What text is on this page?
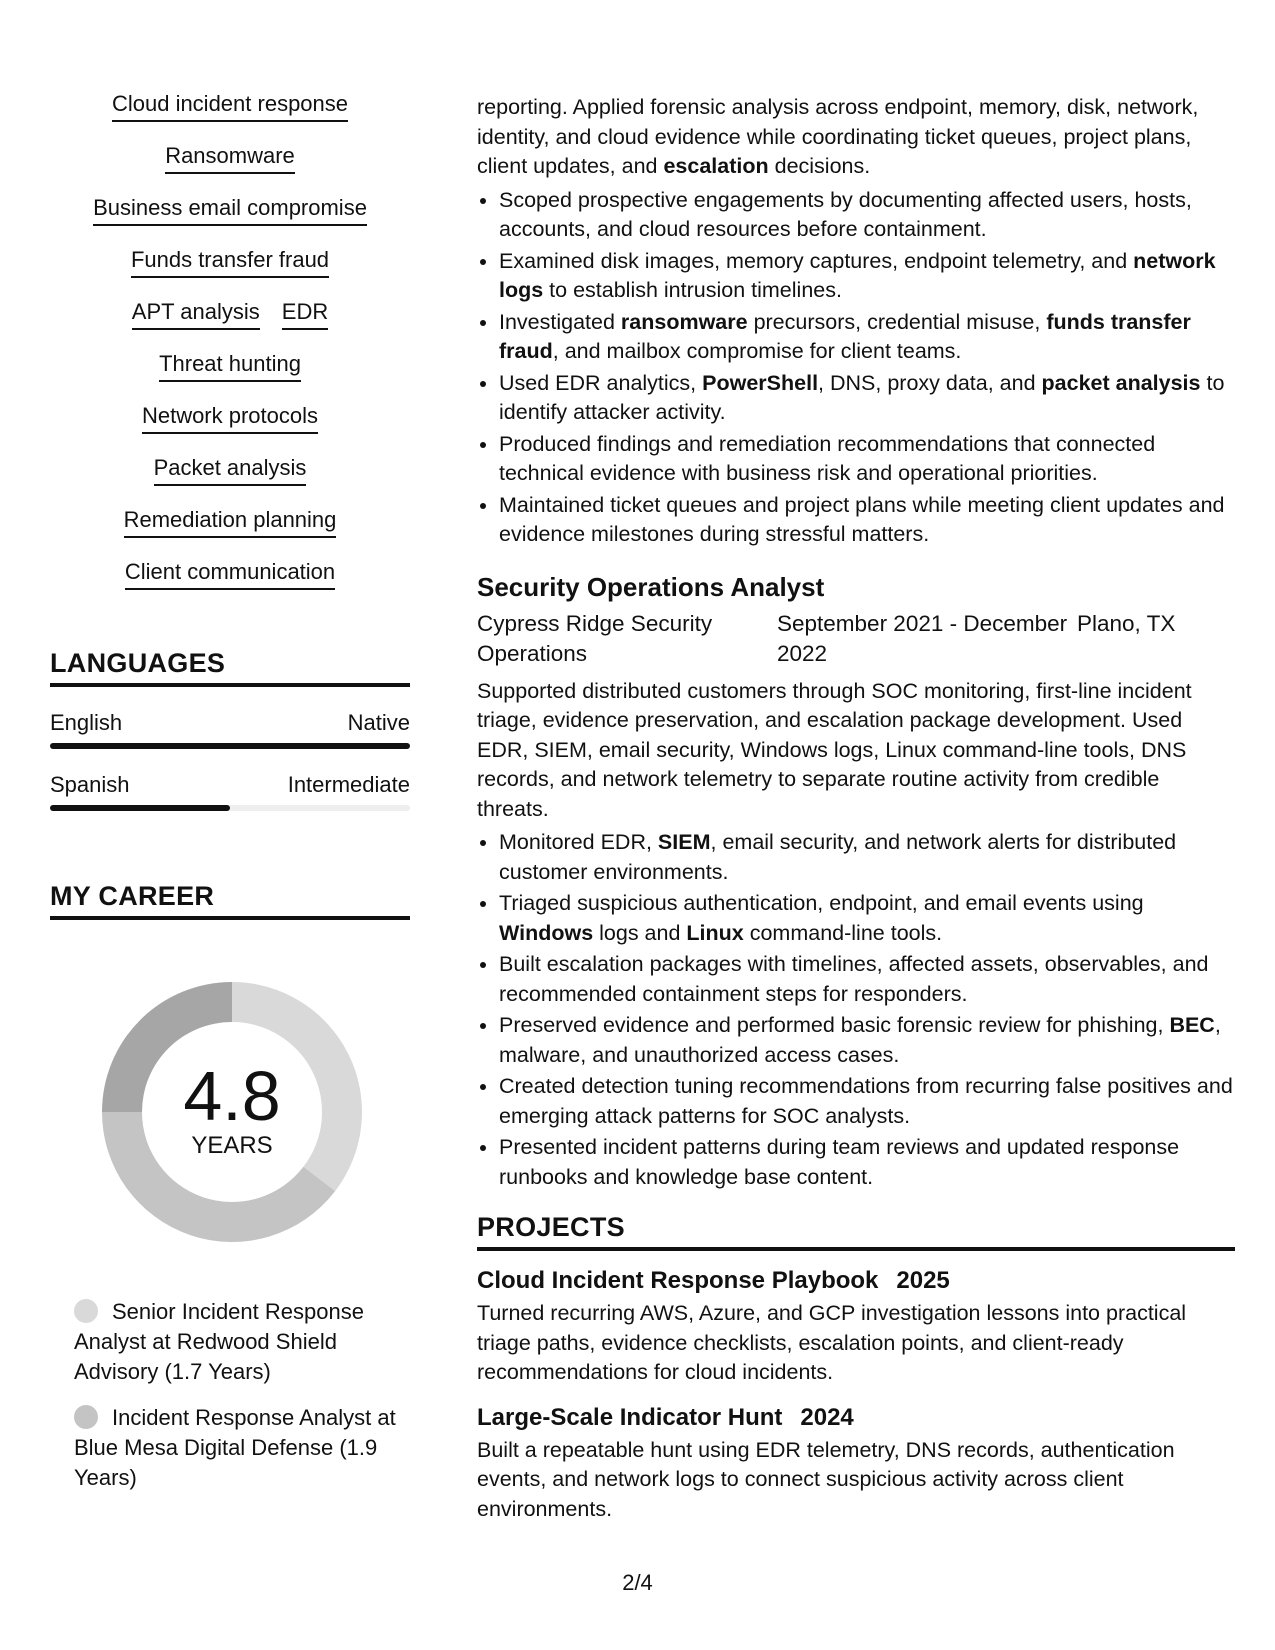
Cloud incident response
Ransomware
Business email compromise
Funds transfer fraud
APT analysis EDR
Threat hunting
Network protocols
Packet analysis
Remediation planning
Client communication
LANGUAGES
English	Native
Spanish	Intermediate
MY CAREER
4.8
YEARS
Senior Incident Response Analyst at Redwood Shield Advisory (1.7 Years)
Incident Response Analyst at Blue Mesa Digital Defense (1.9 Years)

reporting. Applied forensic analysis across endpoint, memory, disk, network, identity, and cloud evidence while coordinating ticket queues, project plans, client updates, and escalation decisions.

• Scoped prospective engagements by documenting affected users, hosts, accounts, and cloud resources before containment.
• Examined disk images, memory captures, endpoint telemetry, and network logs to establish intrusion timelines.
• Investigated ransomware precursors, credential misuse, funds transfer fraud, and mailbox compromise for client teams.
• Used EDR analytics, PowerShell, DNS, proxy data, and packet analysis to identify attacker activity.
• Produced findings and remediation recommendations that connected technical evidence with business risk and operational priorities.
• Maintained ticket queues and project plans while meeting client updates and evidence milestones during stressful matters.
Security Operations Analyst
Cypress Ridge Security Operations
September 2021 - December 2022
Plano, TX

Supported distributed customers through SOC monitoring, first-line incident triage, evidence preservation, and escalation package development. Used EDR, SIEM, email security, Windows logs, Linux command-line tools, DNS records, and network telemetry to separate routine activity from credible threats.

• Monitored EDR, SIEM, email security, and network alerts for distributed customer environments.
• Triaged suspicious authentication, endpoint, and email events using Windows logs and Linux command-line tools.
• Built escalation packages with timelines, affected assets, observables, and recommended containment steps for responders.
• Preserved evidence and performed basic forensic review for phishing, BEC, malware, and unauthorized access cases.
• Created detection tuning recommendations from recurring false positives and emerging attack patterns for SOC analysts.
• Presented incident patterns during team reviews and updated response runbooks and knowledge base content.
PROJECTS
Cloud Incident Response Playbook 2025

Turned recurring AWS, Azure, and GCP investigation lessons into practical triage paths, evidence checklists, escalation points, and client-ready recommendations for cloud incidents.

Large-Scale Indicator Hunt 2024

Built a repeatable hunt using EDR telemetry, DNS records, authentication events, and network logs to connect suspicious activity across client environments.

2/4
